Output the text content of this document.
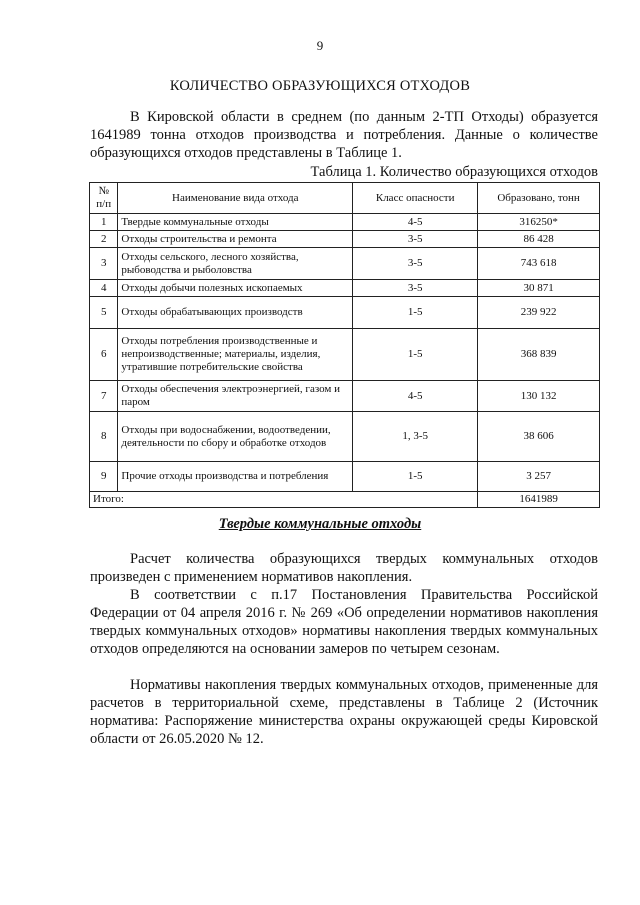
9
КОЛИЧЕСТВО ОБРАЗУЮЩИХСЯ ОТХОДОВ
В Кировской области в среднем (по данным 2-ТП Отходы) образуется 1641989 тонна отходов производства и потребления. Данные о количестве образующихся отходов представлены в Таблице 1.
Таблица 1. Количество образующихся отходов
№ п/п	Наименование вида отхода	Класс опасности	Образовано, тонн
1	Твердые коммунальные отходы	4-5	316250*
2	Отходы строительства и ремонта	3-5	86 428
3	Отходы сельского, лесного хозяйства, рыбоводства и рыболовства	3-5	743 618
4	Отходы добычи полезных ископаемых	3-5	30 871
5	Отходы обрабатывающих производств	1-5	239 922
6	Отходы потребления производственные и непроизводственные; материалы, изделия, утратившие потребительские свойства	1-5	368 839
7	Отходы обеспечения электроэнергией, газом и паром	4-5	130 132
8	Отходы при водоснабжении, водоотведении, деятельности по сбору и обработке отходов	1, 3-5	38 606
9	Прочие отходы производства и потребления	1-5	3 257
Итого:			1641989
Твердые коммунальные отходы
Расчет количества образующихся твердых коммунальных отходов произведен с применением нормативов накопления.
В соответствии с п.17 Постановления Правительства Российской Федерации от 04 апреля 2016 г. № 269 «Об определении нормативов накопления твердых коммунальных отходов» нормативы накопления твердых коммунальных отходов определяются на основании замеров по четырем сезонам.
Нормативы накопления твердых коммунальных отходов, примененные для расчетов в территориальной схеме, представлены в Таблице 2 (Источник норматива: Распоряжение министерства охраны окружающей среды Кировской области от 26.05.2020 № 12.
